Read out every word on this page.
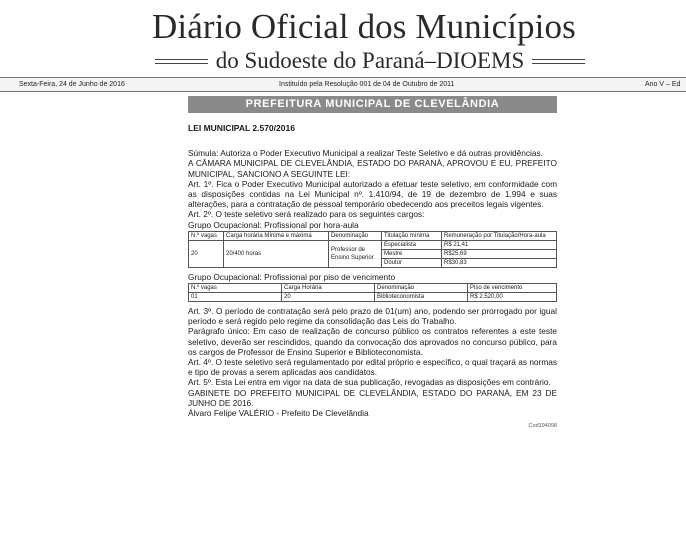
Diário Oficial dos Municípios
do Sudoeste do Paraná–DIOEMS
Sexta-Feira, 24 de Junho de 2016	Instituído pela Resolução 001 de 04 de Outubro de 2011	Ano V – Ed
PREFEITURA MUNICIPAL DE CLEVELÂNDIA
LEI MUNICIPAL 2.570/2016

Súmula: Autoriza o Poder Executivo Municipal a realizar Teste Seletivo e dá outras providências.

A CÂMARA MUNICIPAL DE CLEVELÂNDIA, ESTADO DO PARANÁ, APROVOU E EU, PREFEITO MUNICIPAL, SANCIONO A SEGUINTE LEI:

Art. 1º. Fica o Poder Executivo Municipal autorizado a efetuar teste seletivo, em conformidade com as disposições contidas na Lei Municipal nº. 1.410/94, de 19 de dezembro de 1.994 e suas alterações, para a contratação de pessoal temporário obedecendo aos preceitos legais vigentes.

Art. 2º. O teste seletivo será realizado para os seguintes cargos:

Grupo Ocupacional: Profissional por hora-aula

N.º vagas	Carga horária Mínima e máxima	Denominação	Titulação mínima	Remuneração por Titulação/Hora-aula
20	20/400 horas	Professor de Ensino Superior	Especialista	R$ 21,41
			Mestre	R$25,69
			Doutor	R$30,83

Grupo Ocupacional: Profissional por piso de vencimento

N.º vagas	Carga Horária	Denominação	Piso de vencimento
01	20	Biblioteconomista	R$ 2.520,00

Art. 3º. O período de contratação será pelo prazo de 01(um) ano, podendo ser prorrogado por igual período e será regido pelo regime da consolidação das Leis do Trabalho.

Parágrafo único: Em caso de realização de concurso público os contratos referentes a este teste seletivo, deverão ser rescindidos, quando da convocação dos aprovados no concurso público, para os cargos de Professor de Ensino Superior e Biblioteconomista.

Art. 4º. O teste seletivo será regulamentado por edital próprio e específico, o qual traçará as normas e tipo de provas a serem aplicadas aos candidatos.

Art. 5º. Esta Lei entra em vigor na data de sua publicação, revogadas as disposições em contrário.

GABINETE DO PREFEITO MUNICIPAL DE CLEVELÂNDIA, ESTADO DO PARANÁ, EM 23 DE JUNHO DE 2016.

Álvaro Felipe VALÉRIO - Prefeito De Clevelândia

Cod194098
